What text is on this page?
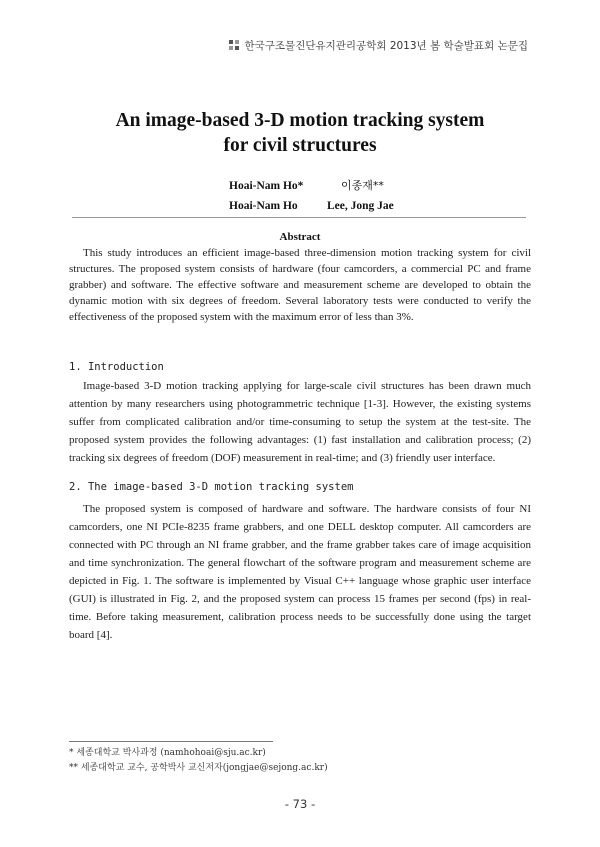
한국구조물진단유지관리공학회 2013년 봄 학술발표회 논문집
An image-based 3-D motion tracking system
for civil structures
Hoai-Nam Ho*	이종재**
Hoai-Nam Ho	Lee, Jong Jae
Abstract

This study introduces an efficient image-based three-dimension motion tracking system for civil structures. The proposed system consists of hardware (four camcorders, a commercial PC and frame grabber) and software. The effective software and measurement scheme are developed to obtain the dynamic motion with six degrees of freedom. Several laboratory tests were conducted to verify the effectiveness of the proposed system with the maximum error of less than 3%.

1. Introduction

Image-based 3-D motion tracking applying for large-scale civil structures has been drawn much attention by many researchers using photogrammetric technique [1-3]. However, the existing systems suffer from complicated calibration and/or time-consuming to setup the system at the test-site. The proposed system provides the following advantages: (1) fast installation and calibration process; (2) tracking six degrees of freedom (DOF) measurement in real-time; and (3) friendly user interface.

2. The image-based 3-D motion tracking system

The proposed system is composed of hardware and software. The hardware consists of four NI camcorders, one NI PCIe-8235 frame grabbers, and one DELL desktop computer. All camcorders are connected with PC through an NI frame grabber, and the frame grabber takes care of image acquisition and time synchronization. The general flowchart of the software program and measurement scheme are depicted in Fig. 1. The software is implemented by Visual C++ language whose graphic user interface (GUI) is illustrated in Fig. 2, and the proposed system can process 15 frames per second (fps) in real-time. Before taking measurement, calibration process needs to be successfully done using the target board [4].

* 세종대학교 박사과정 (namhohoai@sju.ac.kr)
** 세종대학교 교수, 공학박사 교신저자(jongjae@sejong.ac.kr)
- 73 -
